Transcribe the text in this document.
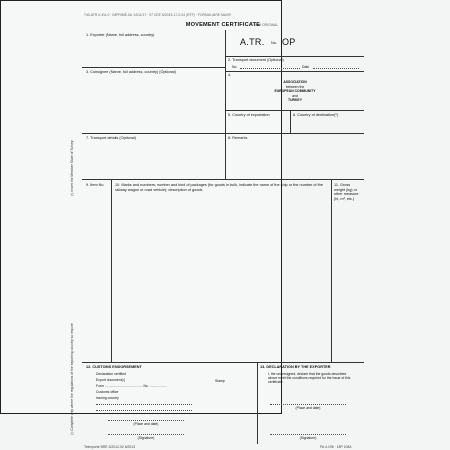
740-ATR-K-EA-0 · IMPRIMÉ AU 14/11/17 · 97 CEE 6/2013-17-2-04 (RTF) · FORMULAIRE MA/09
WM ORIGINAL
MOVEMENT CERTIFICATE
(¹) Insert the Member State of Turkey
(²) Complete only where the regulations of the exporting country so require
A.TR. No. OP
1. Exporter (Name, full address, country)
2. Transport document (Optional)
No.	Date
3. Consignee (Name, full address, country) (Optional)
4.
ASSOCIATION
between the
EUROPEAN COMMUNITY
and
TURKEY
5. Country of exportation	6. Country of destination(¹)
7. Transport details (Optional)	8. Remarks
9. Item No	10. Marks and numbers; number and kind of packages (for goods in bulk, indicate the name of the ship or the number of the railway wagon or road vehicle); description of goods
11. Gross weight (kg) or other measure (hl, m³, etc.)
12. CUSTOMS ENDORSEMENT
Declaration certified
Export document(²)
Form ........................................ No. ..................
Customs office
Issuing country
Stamp
(Place and date)
(Signature)
13. DECLARATION BY THE EXPORTER
I, the undersigned, declare that the goods described above meet the conditions required for the issue of this certificate.
(Place and date)
(Signature)
Telexporte BRE 3/2012-02 6/2013	PA 4-196 · 18P 108A
